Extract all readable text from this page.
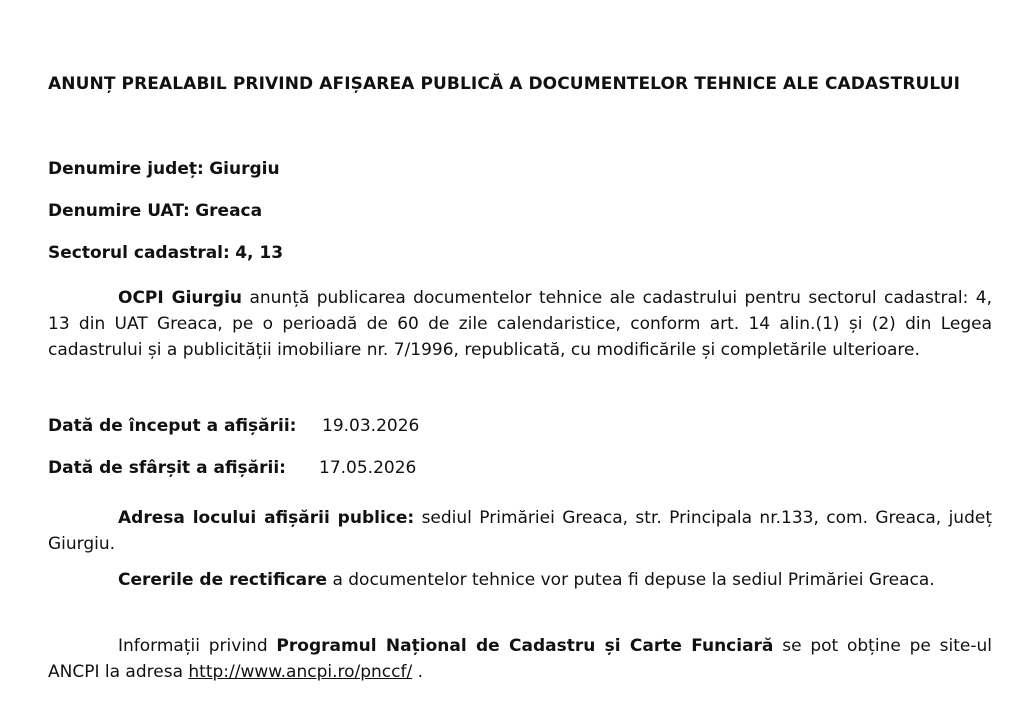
ANUNȚ PREALABIL PRIVIND AFIȘAREA PUBLICĂ A DOCUMENTELOR TEHNICE ALE CADASTRULUI
Denumire județ: Giurgiu
Denumire UAT: Greaca
Sectorul cadastral: 4, 13
OCPI Giurgiu anunță publicarea documentelor tehnice ale cadastrului pentru sectorul cadastral: 4, 13 din UAT Greaca, pe o perioadă de 60 de zile calendaristice, conform art. 14 alin.(1) și (2) din Legea cadastrului și a publicității imobiliare nr. 7/1996, republicată, cu modificările și completările ulterioare.
Dată de început a afișării: 19.03.2026
Dată de sfârșit a afișării: 17.05.2026
Adresa locului afișării publice: sediul Primăriei Greaca, str. Principala nr.133, com. Greaca, județ Giurgiu.
Cererile de rectificare a documentelor tehnice vor putea fi depuse la sediul Primăriei Greaca.
Informații privind Programul Național de Cadastru și Carte Funciară se pot obține pe site-ul ANCPI la adresa http://www.ancpi.ro/pnccf/ .
